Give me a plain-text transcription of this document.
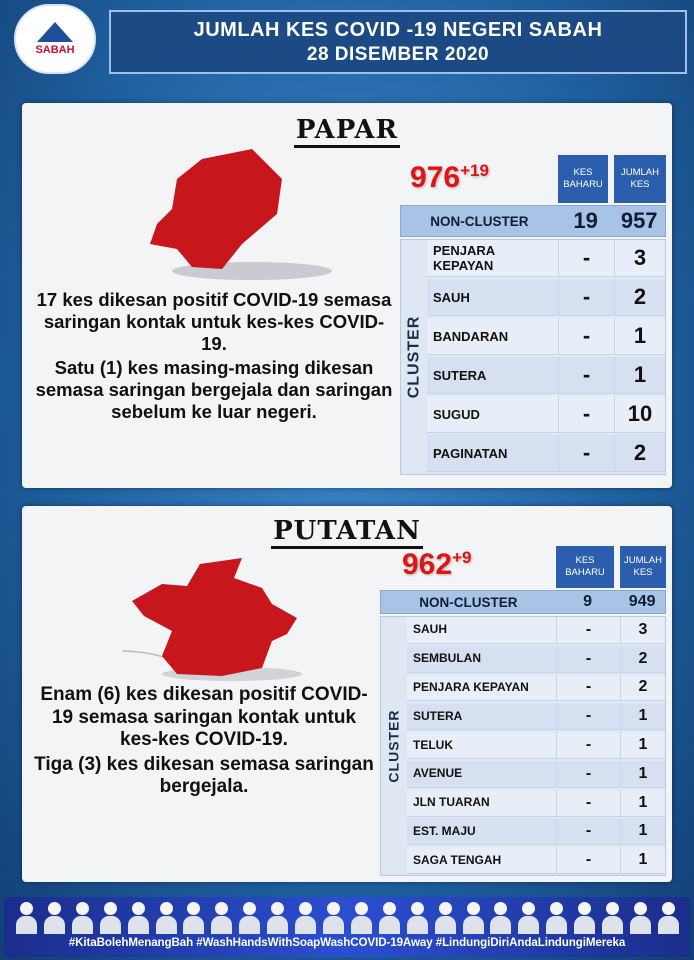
SABAH
JUMLAH KES COVID -19 NEGERI SABAH
28 DISEMBER 2020
PAPAR

17 kes dikesan positif COVID-19 semasa saringan kontak untuk kes-kes COVID-19.

Satu (1) kes masing-masing dikesan semasa saringan bergejala dan saringan sebelum ke luar negeri.

$976^{+19}$	KES BAHARU
JUMLAH KES
NON-CLUSTER	19	957
CLUSTER
PENJARA KEPAYAN	-	3
SAUH	-	2
BANDARAN	-	1
SUTERA	-	1
SUGUD	-	10
PAGINATAN	-	2
PUTATAN

Enam (6) kes dikesan positif COVID-19 semasa saringan kontak untuk kes-kes COVID-19.

Tiga (3) kes dikesan semasa saringan bergejala.

$962^{+9}$	KES BAHARU
JUMLAH KES
NON-CLUSTER	9	949
CLUSTER
SAUH	-	3
SEMBULAN	-	2
PENJARA KEPAYAN	-	2
SUTERA	-	1
TELUK	-	1
AVENUE	-	1
JLN TUARAN	-	1
EST. MAJU	-	1
SAGA TENGAH	-	1
#KitaBolehMenangBah #WashHandsWithSoapWashCOVID-19Away #LindungiDiriAndaLindungiMereka
